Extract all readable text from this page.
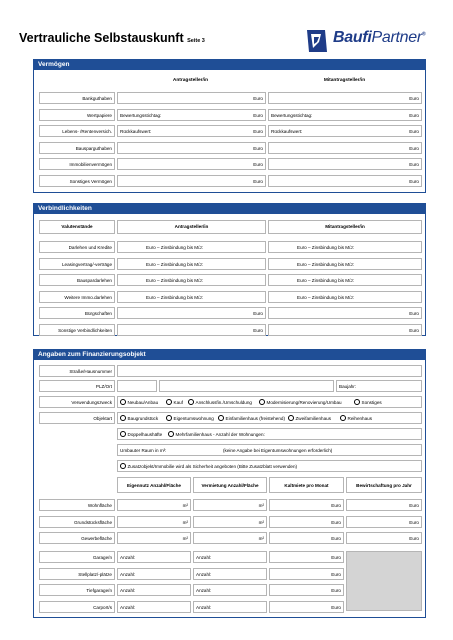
Vertrauliche Selbstauskunft Seite 3	BaufiPartner®
Vermögen
Antragsteller/in	Mitantragsteller/in
Bankguthaben	Euro	Euro
Wertpapiere	Bewertungsstichtag:	Euro Bewertungsstichtag:	Euro
Lebens- /Rentenversich.	Rückkaufswert:	Euro Rückkaufswert:	Euro
Bausparguthaben	Euro	Euro
Immobilienvermögen	Euro	Euro
Sonstiges Vermögen	Euro	Euro
Verbindlichkeiten
Valutenstände	Antragsteller/in	Mitantragsteller/in
Darlehen und Kredite	Euro – Zinsbindung bis M/J:	Euro – Zinsbindung bis M/J:
Leasingvertrag/-verträge	Euro – Zinsbindung bis M/J:	Euro – Zinsbindung bis M/J:
Bauspardarlehen	Euro – Zinsbindung bis M/J:	Euro – Zinsbindung bis M/J:
Weitere Immo.darlehen	Euro – Zinsbindung bis M/J:	Euro – Zinsbindung bis M/J:
Bürgschaften	Euro	Euro
Sonstige Verbindlichkeiten	Euro	Euro
Angaben zum Finanzierungsobjekt
Straße/Hausnummer
PLZ/Ort	Baujahr:
Verwendungszweck	Neubau/Anbau	Kauf	Anschlussfin./Umschuldung	Modernisierung/Renovierung/Umbau	Sonstiges
Objektart	Baugrundstück	Eigentumswohnung	Einfamilienhaus (freistehend)	Zweifamilienhaus	Reihenhaus
Doppelhaushäfte	Mehrfamilienhaus - Anzahl der Wohnungen:
Umbauter Raum in m³:	(keine Angabe bei Eigentumswohnungen erforderlich)
Zusatzobjekt/Immobilie wird als Sicherheit angeboten (Bitte Zusatzblatt verwenden)
Eigennutz Anzahl/Fläche	Vermietung Anzahl/Fläche	Kaltmiete pro Monat	Bewirtschaftung pro Jahr
Wohnfläche	m²	m²	Euro	Euro
Grundstücksfläche	m²	m²	Euro	Euro
Gewerbefläche	m²	m²	Euro	Euro
Garage/n	Anzahl:	Anzahl:	Euro
Stellplatz/-plätze	Anzahl:	Anzahl:	Euro
Tiefgarage/n	Anzahl:	Anzahl:	Euro
Carport/s	Anzahl:	Anzahl:	Euro
